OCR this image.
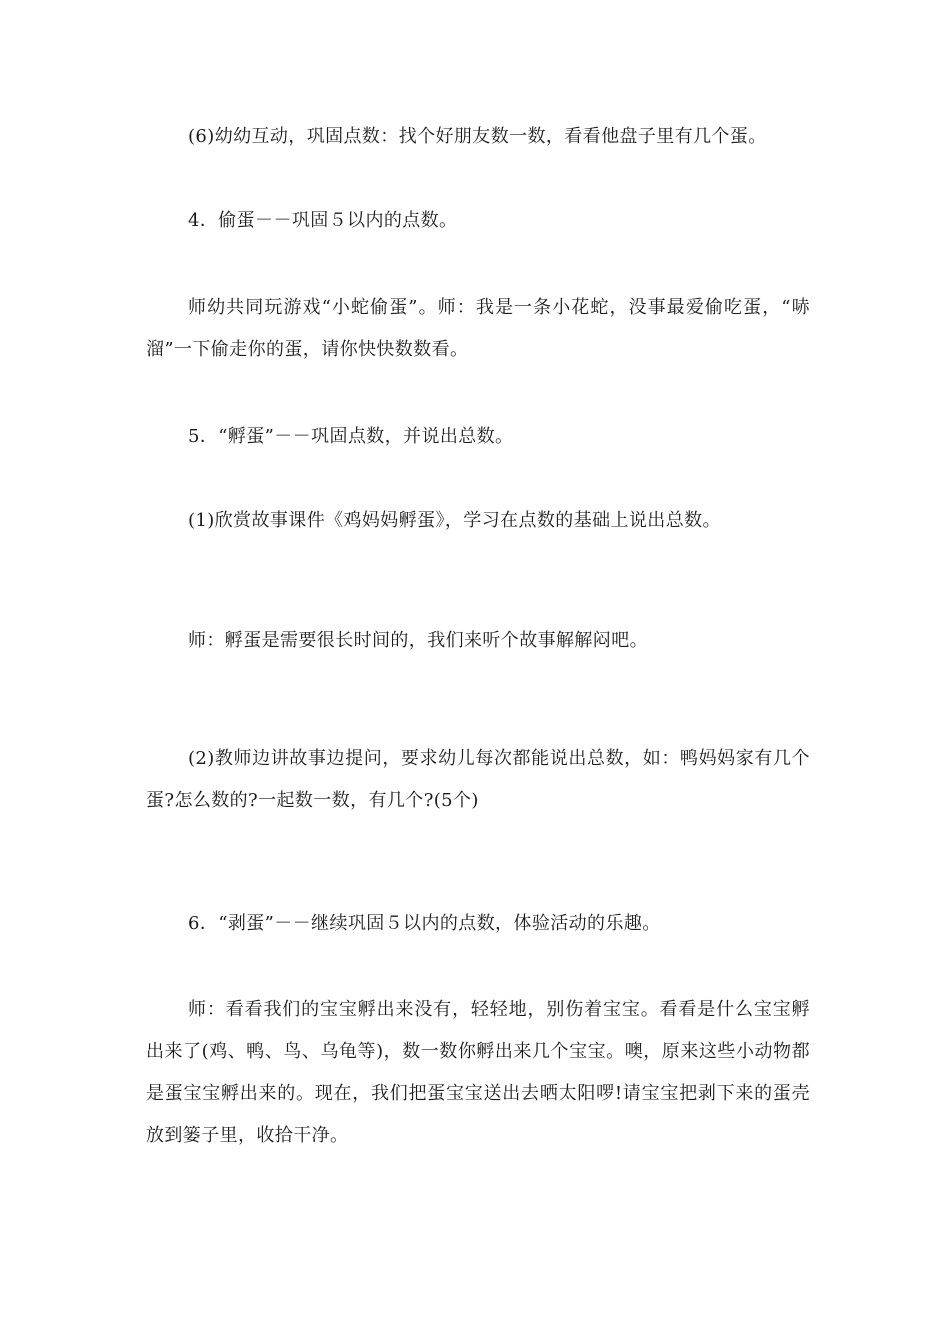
(6)幼幼互动，巩固点数：找个好朋友数一数，看看他盘子里有几个蛋。

4．偷蛋－－巩固５以内的点数。

师幼共同玩游戏“小蛇偷蛋”。师：我是一条小花蛇，没事最爱偷吃蛋，“哧溜”一下偷走你的蛋，请你快快数数看。

5．“孵蛋”－－巩固点数，并说出总数。

(1)欣赏故事课件《鸡妈妈孵蛋》，学习在点数的基础上说出总数。

师：孵蛋是需要很长时间的，我们来听个故事解解闷吧。

(2)教师边讲故事边提问，要求幼儿每次都能说出总数，如：鸭妈妈家有几个蛋?怎么数的?一起数一数，有几个?(5个)

6．“剥蛋”－－继续巩固５以内的点数，体验活动的乐趣。

师：看看我们的宝宝孵出来没有，轻轻地，别伤着宝宝。看看是什么宝宝孵出来了(鸡、鸭、鸟、乌龟等)，数一数你孵出来几个宝宝。噢，原来这些小动物都是蛋宝宝孵出来的。现在，我们把蛋宝宝送出去晒太阳啰!请宝宝把剥下来的蛋壳放到篓子里，收拾干净。
